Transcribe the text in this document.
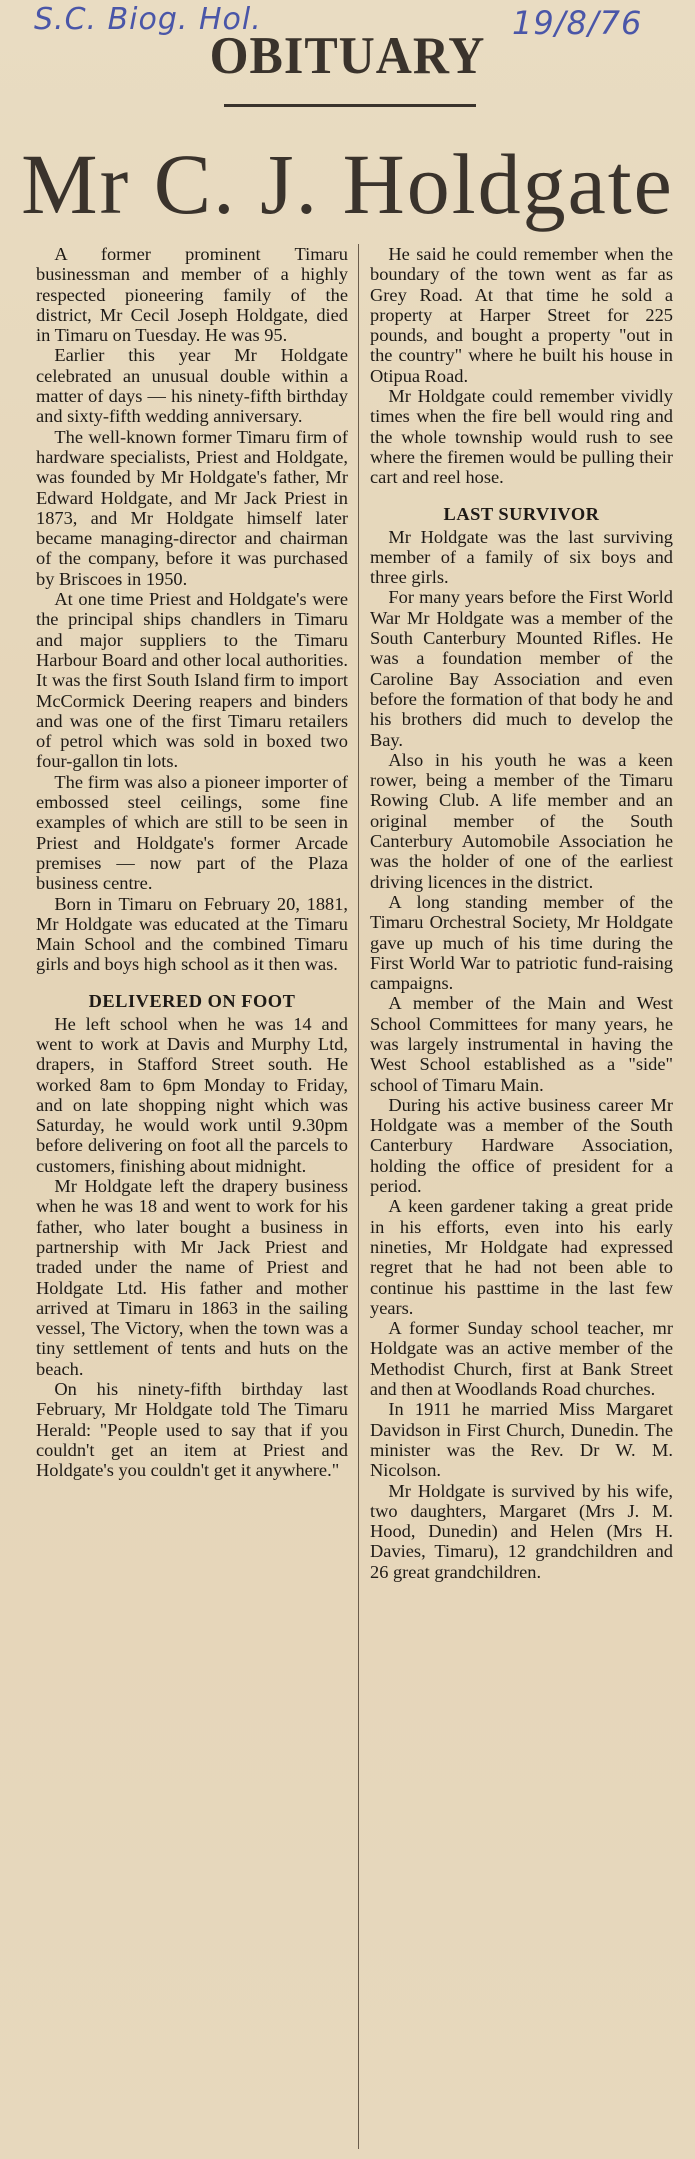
S.C. Biog. Hol.	19/8/76
OBITUARY
Mr C. J. Holdgate

A former prominent Timaru businessman and member of a highly respected pioneering family of the district, Mr Cecil Joseph Holdgate, died in Timaru on Tuesday. He was 95.

Earlier this year Mr Holdgate celebrated an unusual double within a matter of days — his ninety-fifth birthday and sixty-fifth wedding anniversary.

The well-known former Timaru firm of hardware specialists, Priest and Holdgate, was founded by Mr Holdgate's father, Mr Edward Holdgate, and Mr Jack Priest in 1873, and Mr Holdgate himself later became managing-director and chairman of the company, before it was purchased by Briscoes in 1950.

At one time Priest and Holdgate's were the principal ships chandlers in Timaru and major suppliers to the Timaru Harbour Board and other local authorities. It was the first South Island firm to import McCormick Deering reapers and binders and was one of the first Timaru retailers of petrol which was sold in boxed two four-gallon tin lots.

The firm was also a pioneer importer of embossed steel ceilings, some fine examples of which are still to be seen in Priest and Holdgate's former Arcade premises — now part of the Plaza business centre.

Born in Timaru on February 20, 1881, Mr Holdgate was educated at the Timaru Main School and the combined Timaru girls and boys high school as it then was.

DELIVERED ON FOOT

He left school when he was 14 and went to work at Davis and Murphy Ltd, drapers, in Stafford Street south. He worked 8am to 6pm Monday to Friday, and on late shopping night which was Saturday, he would work until 9.30pm before delivering on foot all the parcels to customers, finishing about midnight.

Mr Holdgate left the drapery business when he was 18 and went to work for his father, who later bought a business in partnership with Mr Jack Priest and traded under the name of Priest and Holdgate Ltd. His father and mother arrived at Timaru in 1863 in the sailing vessel, The Victory, when the town was a tiny settlement of tents and huts on the beach.

On his ninety-fifth birthday last February, Mr Holdgate told The Timaru Herald: "People used to say that if you couldn't get an item at Priest and Holdgate's you couldn't get it anywhere."

He said he could remember when the boundary of the town went as far as Grey Road. At that time he sold a property at Harper Street for 225 pounds, and bought a property "out in the country" where he built his house in Otipua Road.

Mr Holdgate could remember vividly times when the fire bell would ring and the whole township would rush to see where the firemen would be pulling their cart and reel hose.

LAST SURVIVOR

Mr Holdgate was the last surviving member of a family of six boys and three girls.

For many years before the First World War Mr Holdgate was a member of the South Canterbury Mounted Rifles. He was a foundation member of the Caroline Bay Association and even before the formation of that body he and his brothers did much to develop the Bay.

Also in his youth he was a keen rower, being a member of the Timaru Rowing Club. A life member and an original member of the South Canterbury Automobile Association he was the holder of one of the earliest driving licences in the district.

A long standing member of the Timaru Orchestral Society, Mr Holdgate gave up much of his time during the First World War to patriotic fund-raising campaigns.

A member of the Main and West School Committees for many years, he was largely instrumental in having the West School established as a "side" school of Timaru Main.

During his active business career Mr Holdgate was a member of the South Canterbury Hardware Association, holding the office of president for a period.

A keen gardener taking a great pride in his efforts, even into his early nineties, Mr Holdgate had expressed regret that he had not been able to continue his pasttime in the last few years.

A former Sunday school teacher, mr Holdgate was an active member of the Methodist Church, first at Bank Street and then at Woodlands Road churches.

In 1911 he married Miss Margaret Davidson in First Church, Dunedin. The minister was the Rev. Dr W. M. Nicolson.

Mr Holdgate is survived by his wife, two daughters, Margaret (Mrs J. M. Hood, Dunedin) and Helen (Mrs H. Davies, Timaru), 12 grandchildren and 26 great grandchildren.
